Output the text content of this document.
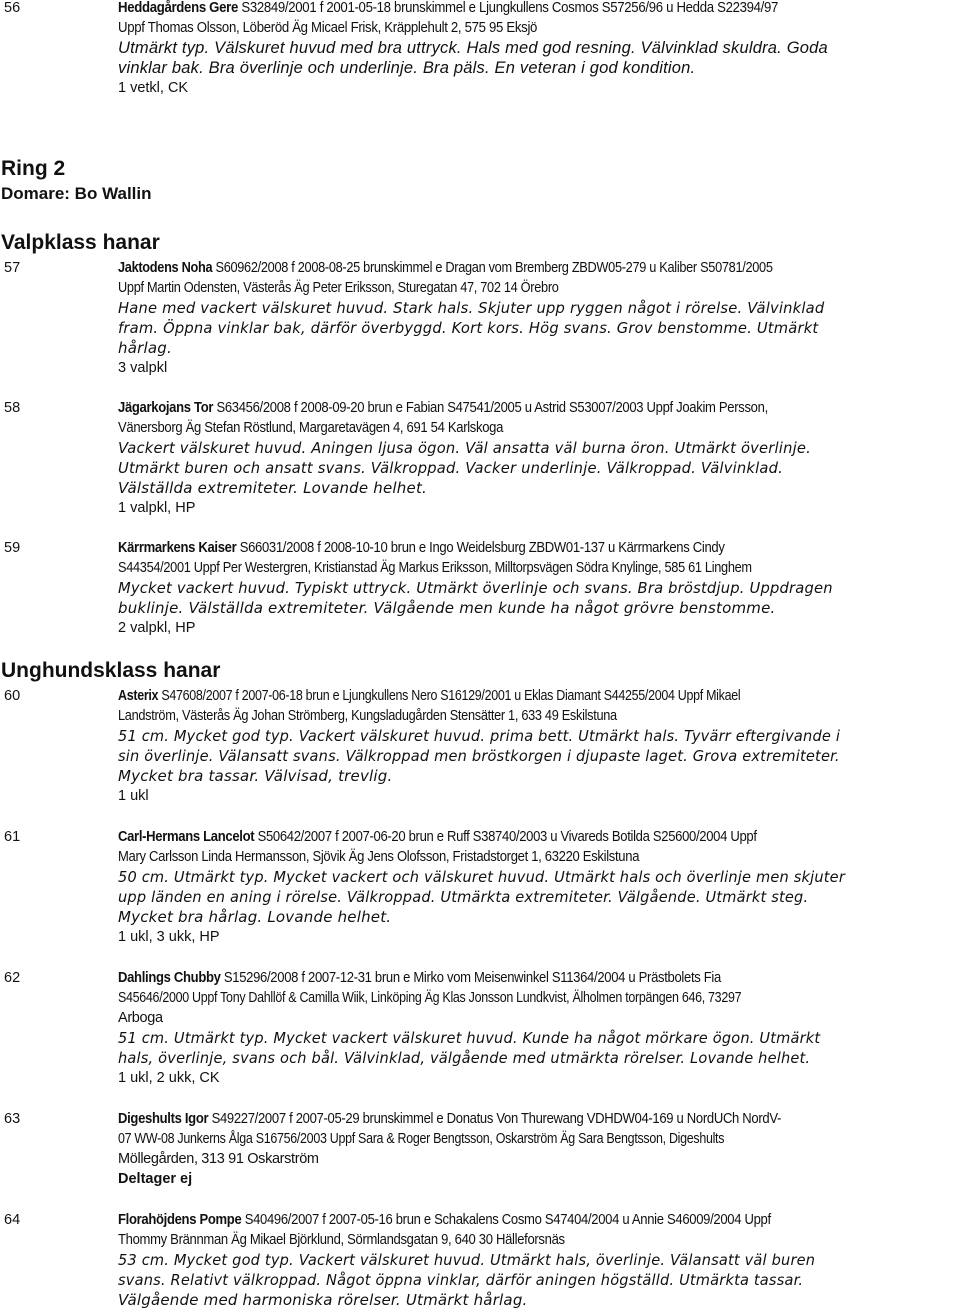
56	Heddagårdens Gere S32849/2001 f 2001-05-18 brunskimmel e Ljungkullens Cosmos S57256/96 u Hedda S22394/97
Uppf Thomas Olsson, Löberöd Äg Micael Frisk, Kräpplehult 2, 575 95 Eksjö
Utmärkt typ. Välskuret huvud med bra uttryck. Hals med god resning. Välvinklad skuldra. Goda
vinklar bak. Bra överlinje och underlinje. Bra päls. En veteran i god kondition.
1 vetkl, CK
Ring 2
Domare: Bo Wallin
Valpklass hanar
57	Jaktodens Noha S60962/2008 f 2008-08-25 brunskimmel e Dragan vom Bremberg ZBDW05-279 u Kaliber S50781/2005
Uppf Martin Odensten, Västerås Äg Peter Eriksson, Sturegatan 47, 702 14 Örebro
Hane med vackert välskuret huvud. Stark hals. Skjuter upp ryggen något i rörelse. Välvinklad
fram. Öppna vinklar bak, därför överbyggd. Kort kors. Hög svans. Grov benstomme. Utmärkt
hårlag.
3 valpkl
58	Jägarkojans Tor S63456/2008 f 2008-09-20 brun e Fabian S47541/2005 u Astrid S53007/2003 Uppf Joakim Persson,
Vänersborg Äg Stefan Röstlund, Margaretavägen 4, 691 54 Karlskoga
Vackert välskuret huvud. Aningen ljusa ögon. Väl ansatta väl burna öron. Utmärkt överlinje.
Utmärkt buren och ansatt svans. Välkroppad. Vacker underlinje. Välkroppad. Välvinklad.
Välställda extremiteter. Lovande helhet.
1 valpkl, HP
59	Kärrmarkens Kaiser S66031/2008 f 2008-10-10 brun e Ingo Weidelsburg ZBDW01-137 u Kärrmarkens Cindy
S44354/2001 Uppf Per Westergren, Kristianstad Äg Markus Eriksson, Milltorpsvägen Södra Knylinge, 585 61 Linghem
Mycket vackert huvud. Typiskt uttryck. Utmärkt överlinje och svans. Bra bröstdjup. Uppdragen
buklinje. Välställda extremiteter. Välgående men kunde ha något grövre benstomme.
2 valpkl, HP
Unghundsklass hanar
60	Asterix S47608/2007 f 2007-06-18 brun e Ljungkullens Nero S16129/2001 u Eklas Diamant S44255/2004 Uppf Mikael
Landström, Västerås Äg Johan Strömberg, Kungsladugården Stensätter 1, 633 49 Eskilstuna
51 cm. Mycket god typ. Vackert välskuret huvud. prima bett. Utmärkt hals. Tyvärr eftergivande i
sin överlinje. Välansatt svans. Välkroppad men bröstkorgen i djupaste laget. Grova extremiteter.
Mycket bra tassar. Välvisad, trevlig.
1 ukl
61	Carl-Hermans Lancelot S50642/2007 f 2007-06-20 brun e Ruff S38740/2003 u Vivareds Botilda S25600/2004 Uppf
Mary Carlsson Linda Hermansson, Sjövik Äg Jens Olofsson, Fristadstorget 1, 63220 Eskilstuna
50 cm. Utmärkt typ. Mycket vackert och välskuret huvud. Utmärkt hals och överlinje men skjuter
upp länden en aning i rörelse. Välkroppad. Utmärkta extremiteter. Välgående. Utmärkt steg.
Mycket bra hårlag. Lovande helhet.
1 ukl, 3 ukk, HP
62	Dahlings Chubby S15296/2008 f 2007-12-31 brun e Mirko vom Meisenwinkel S11364/2004 u Prästbolets Fia
S45646/2000 Uppf Tony Dahllöf & Camilla Wiik, Linköping Äg Klas Jonsson Lundkvist, Älholmen torpängen 646, 73297
Arboga
51 cm. Utmärkt typ. Mycket vackert välskuret huvud. Kunde ha något mörkare ögon. Utmärkt
hals, överlinje, svans och bål. Välvinklad, välgående med utmärkta rörelser. Lovande helhet.
1 ukl, 2 ukk, CK
63	Digeshults Igor S49227/2007 f 2007-05-29 brunskimmel e Donatus Von Thurewang VDHDW04-169 u NordUCh NordV-
07 WW-08 Junkerns Ålga S16756/2003 Uppf Sara & Roger Bengtsson, Oskarström Äg Sara Bengtsson, Digeshults
Möllegården, 313 91 Oskarström
Deltager ej
64	Florahöjdens Pompe S40496/2007 f 2007-05-16 brun e Schakalens Cosmo S47404/2004 u Annie S46009/2004 Uppf
Thommy Brännman Äg Mikael Björklund, Sörmlandsgatan 9, 640 30 Hälleforsnäs
53 cm. Mycket god typ. Vackert välskuret huvud. Utmärkt hals, överlinje. Välansatt väl buren
svans. Relativt välkroppad. Något öppna vinklar, därför aningen högställd. Utmärkta tassar.
Välgående med harmoniska rörelser. Utmärkt hårlag.
